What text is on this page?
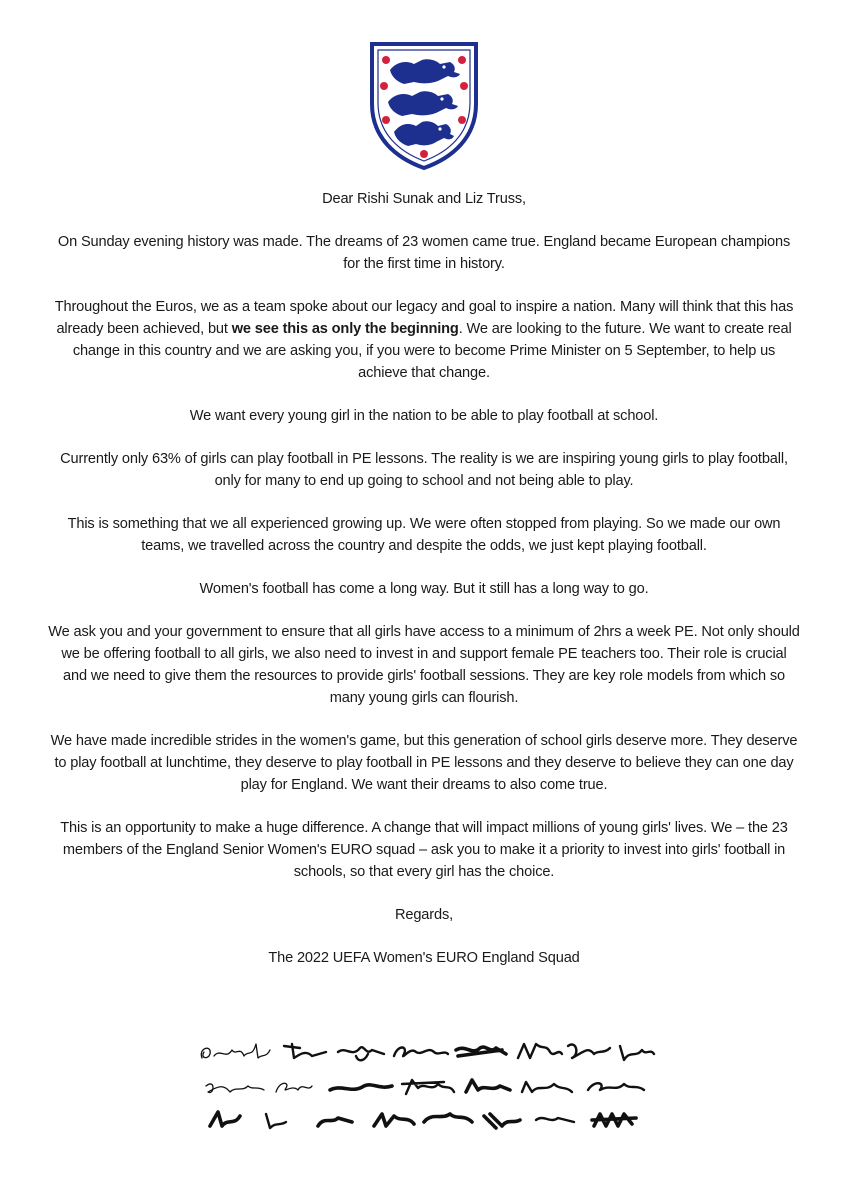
Dear Rishi Sunak and Liz Truss,

On Sunday evening history was made. The dreams of 23 women came true. England became European champions for the first time in history.

Throughout the Euros, we as a team spoke about our legacy and goal to inspire a nation. Many will think that this has already been achieved, but we see this as only the beginning. We are looking to the future. We want to create real change in this country and we are asking you, if you were to become Prime Minister on 5 September, to help us achieve that change.

We want every young girl in the nation to be able to play football at school.

Currently only 63% of girls can play football in PE lessons. The reality is we are inspiring young girls to play football, only for many to end up going to school and not being able to play.

This is something that we all experienced growing up. We were often stopped from playing. So we made our own teams, we travelled across the country and despite the odds, we just kept playing football.

Women's football has come a long way. But it still has a long way to go.

We ask you and your government to ensure that all girls have access to a minimum of 2hrs a week PE. Not only should we be offering football to all girls, we also need to invest in and support female PE teachers too. Their role is crucial and we need to give them the resources to provide girls' football sessions. They are key role models from which so many young girls can flourish.

We have made incredible strides in the women's game, but this generation of school girls deserve more. They deserve to play football at lunchtime, they deserve to play football in PE lessons and they deserve to believe they can one day play for England. We want their dreams to also come true.

This is an opportunity to make a huge difference. A change that will impact millions of young girls' lives. We – the 23 members of the England Senior Women's EURO squad – ask you to make it a priority to invest into girls' football in schools, so that every girl has the choice.

Regards,

The 2022 UEFA Women's EURO England Squad
